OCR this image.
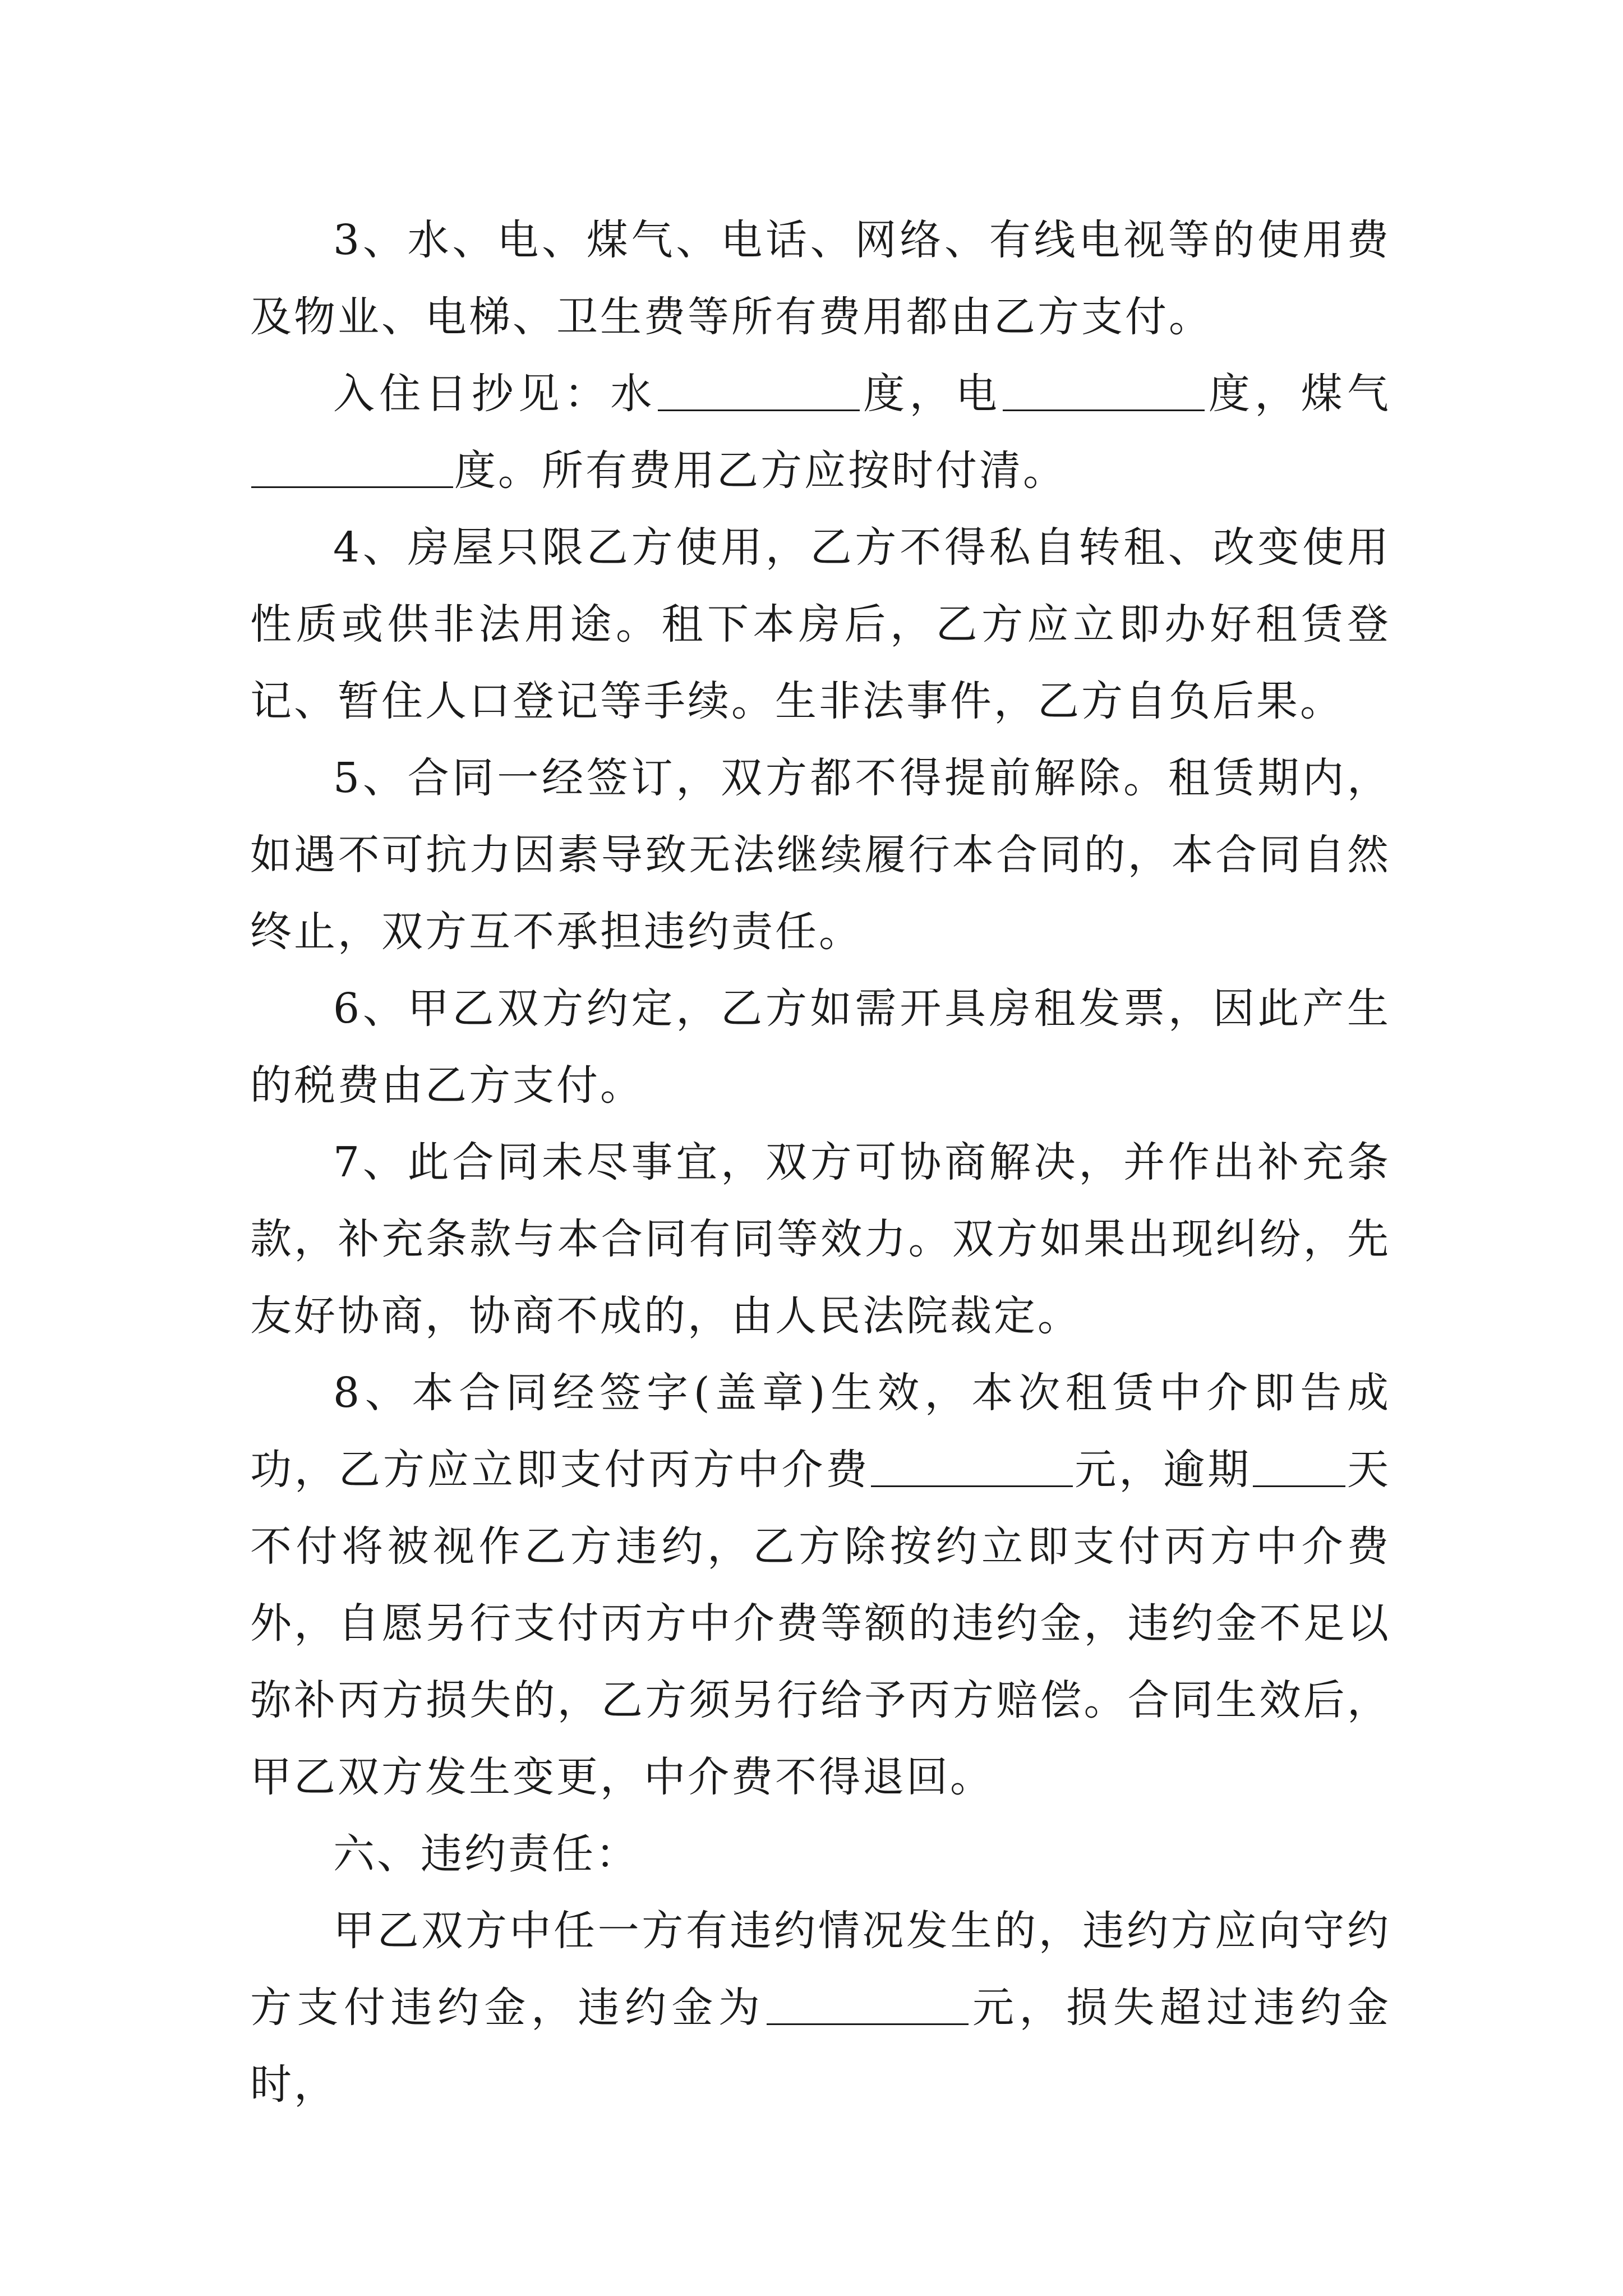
3、水、电、煤气、电话、网络、有线电视等的使用费及物业、电梯、卫生费等所有费用都由乙方支付。

入住日抄见：水	度，电	度，煤气度。所有费用乙方应按时付清。

4、房屋只限乙方使用，乙方不得私自转租、改变使用性质或供非法用途。租下本房后，乙方应立即办好租赁登记、暂住人口登记等手续。生非法事件，乙方自负后果。

5、合同一经签订，双方都不得提前解除。租赁期内，如遇不可抗力因素导致无法继续履行本合同的，本合同自然终止，双方互不承担违约责任。

6、甲乙双方约定，乙方如需开具房租发票，因此产生的税费由乙方支付。

7、此合同未尽事宜，双方可协商解决，并作出补充条款，补充条款与本合同有同等效力。双方如果出现纠纷，先友好协商，协商不成的，由人民法院裁定。

8、本合同经签字(盖章)生效，本次租赁中介即告成功，乙方应立即支付丙方中介费	元，逾期 天不付将被视作乙方违约，乙方除按约立即支付丙方中介费外，自愿另行支付丙方中介费等额的违约金，违约金不足以弥补丙方损失的，乙方须另行给予丙方赔偿。合同生效后，甲乙双方发生变更，中介费不得退回。

六、违约责任：

甲乙双方中任一方有违约情况发生的，违约方应向守约方支付违约金，违约金为	元，损失超过违约金时，
